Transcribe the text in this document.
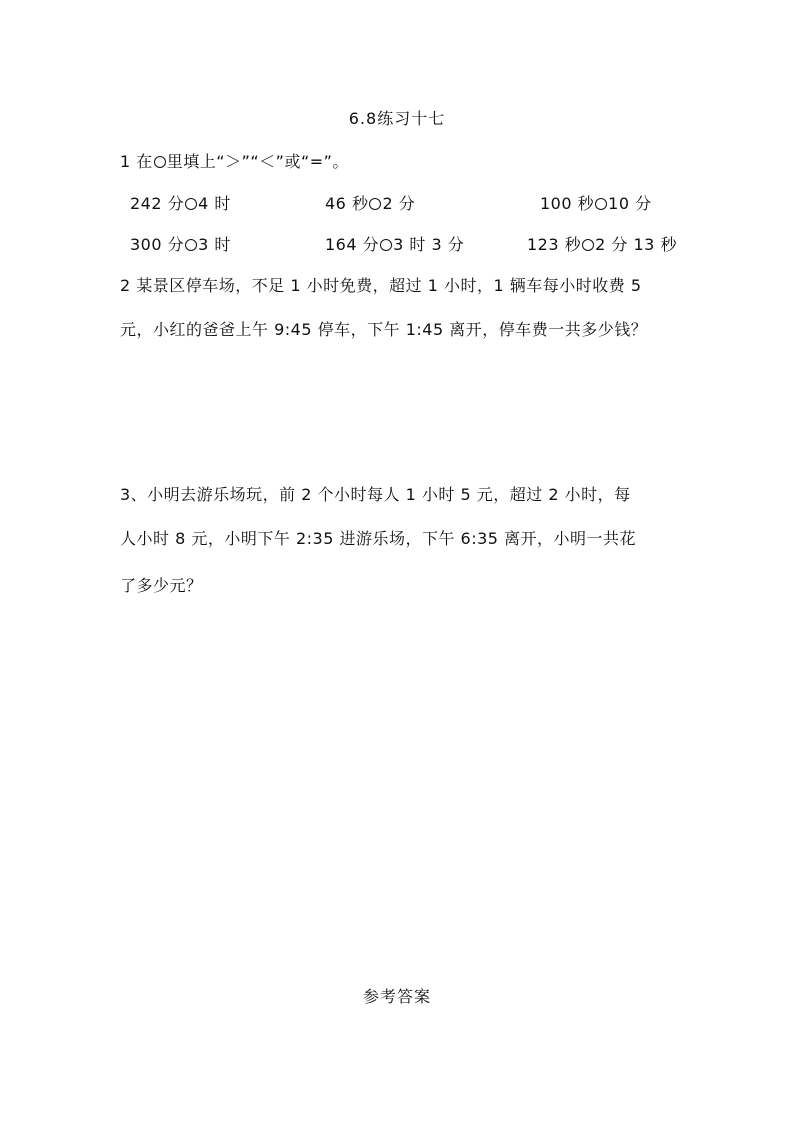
6.8练习十七
1 在 里填上“＞”“＜”或“=”。
242 分 4 时	46 秒 2 分	100 秒 10 分
300 分 3 时	164 分 3 时 3 分	123 秒 2 分 13 秒
2 某景区停车场，不足 1 小时免费，超过 1 小时，1 辆车每小时收费 5
元，小红的爸爸上午 9:45 停车，下午 1:45 离开，停车费一共多少钱？
3、小明去游乐场玩，前 2 个小时每人 1 小时 5 元，超过 2 小时，每
人小时 8 元，小明下午 2:35 进游乐场，下午 6:35 离开，小明一共花
了多少元？
参考答案
